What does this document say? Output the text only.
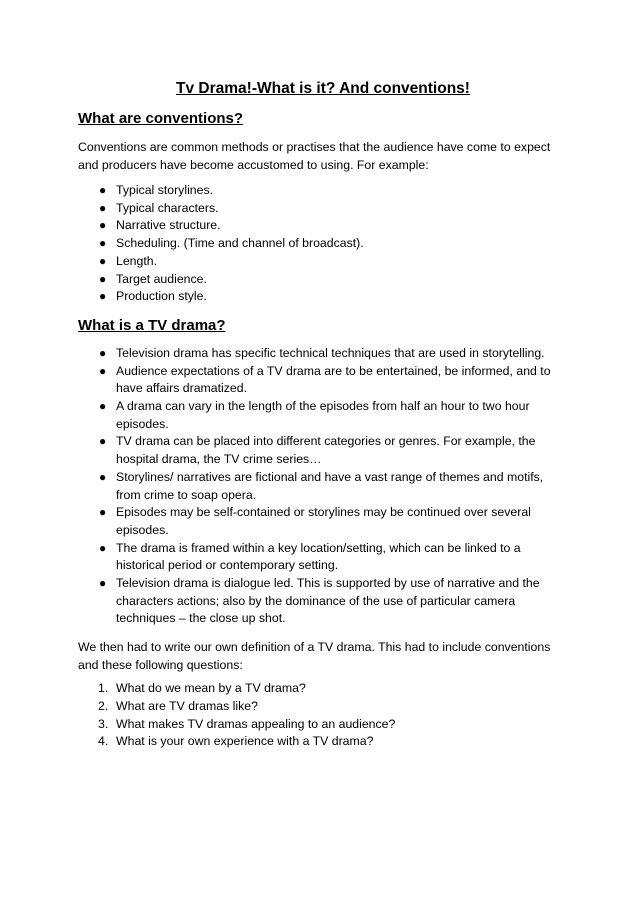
Tv Drama!-What is it? And conventions!
What are conventions?

Conventions are common methods or practises that the audience have come to expect and producers have become accustomed to using. For example:

● Typical storylines.
● Typical characters.
● Narrative structure.
● Scheduling. (Time and channel of broadcast).
● Length.
● Target audience.
● Production style.
What is a TV drama?
● Television drama has specific technical techniques that are used in storytelling.
● Audience expectations of a TV drama are to be entertained, be informed, and to have affairs dramatized.
● A drama can vary in the length of the episodes from half an hour to two hour episodes.
● TV drama can be placed into different categories or genres. For example, the hospital drama, the TV crime series…
● Storylines/ narratives are fictional and have a vast range of themes and motifs, from crime to soap opera.
● Episodes may be self-contained or storylines may be continued over several episodes.
● The drama is framed within a key location/setting, which can be linked to a historical period or contemporary setting.
● Television drama is dialogue led. This is supported by use of narrative and the characters actions; also by the dominance of the use of particular camera techniques – the close up shot.

We then had to write our own definition of a TV drama. This had to include conventions and these following questions:

1. What do we mean by a TV drama?
2. What are TV dramas like?
3. What makes TV dramas appealing to an audience?
4. What is your own experience with a TV drama?
